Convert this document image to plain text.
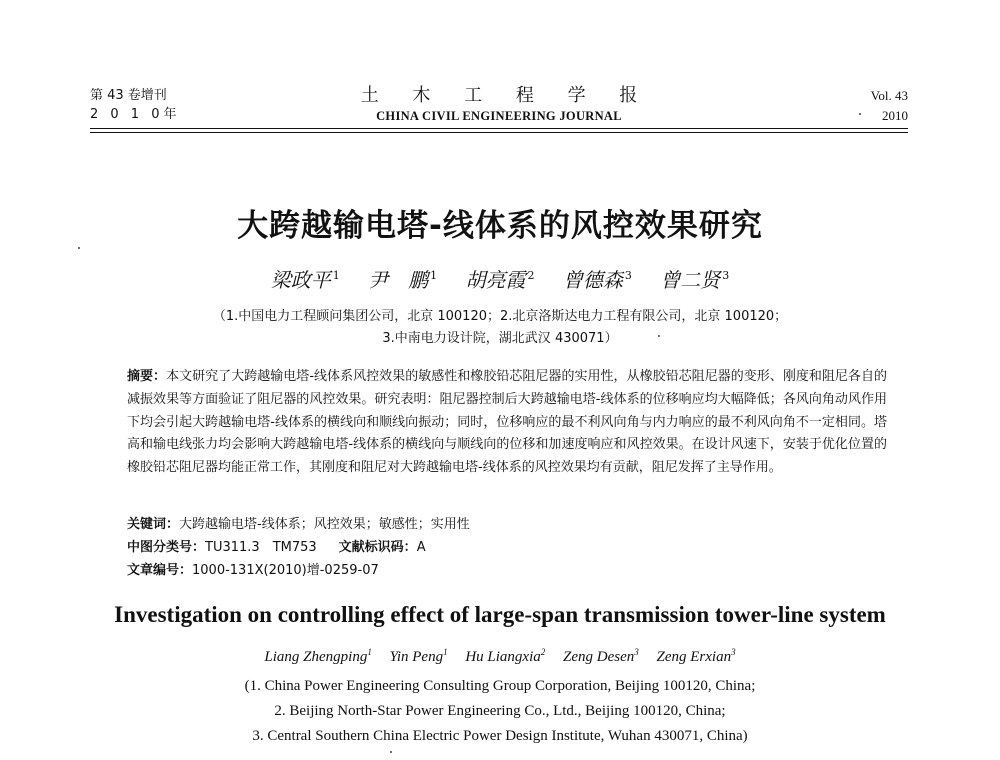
第 43 卷增刊
2 0 1 0年
土 木 工 程 学 报
CHINA CIVIL ENGINEERING JOURNAL
Vol. 43
2010
大跨越输电塔-线体系的风控效果研究
梁政平 $^1$ 尹　鹏 $^1$ 胡亮霞 $^2$ 曾德森 $^3$ 曾二贤 $^3$
（1.中国电力工程顾问集团公司，北京 100120；2.北京洛斯达电力工程有限公司，北京 100120；
3.中南电力设计院，湖北武汉 430071）
摘要：本文研究了大跨越输电塔-线体系风控效果的敏感性和橡胶铅芯阻尼器的实用性，从橡胶铅芯阻尼器的变形、刚度和阻尼各自的减振效果等方面验证了阻尼器的风控效果。研究表明：阻尼器控制后大跨越输电塔-线体系的位移响应均大幅降低；各风向角动风作用下均会引起大跨越输电塔-线体系的横线向和顺线向振动；同时，位移响应的最不利风向角与内力响应的最不利风向角不一定相同。塔高和输电线张力均会影响大跨越输电塔-线体系的横线向与顺线向的位移和加速度响应和风控效果。在设计风速下，安装于优化位置的橡胶铅芯阻尼器均能正常工作，其刚度和阻尼对大跨越输电塔-线体系的风控效果均有贡献，阻尼发挥了主导作用。
关键词：大跨越输电塔-线体系；风控效果；敏感性；实用性
中图分类号：TU311.3　TM753 文献标识码：A
文章编号：1000-131X(2010)增-0259-07
Investigation on controlling effect of large-span transmission tower-line system
Liang Zhengping$^1$ Yin Peng$^1$ Hu Liangxia$^2$ Zeng Desen$^3$ Zeng Erxian$^3$
(1. China Power Engineering Consulting Group Corporation, Beijing 100120, China;
2. Beijing North-Star Power Engineering Co., Ltd., Beijing 100120, China;
3. Central Southern China Electric Power Design Institute, Wuhan 430071, China)
